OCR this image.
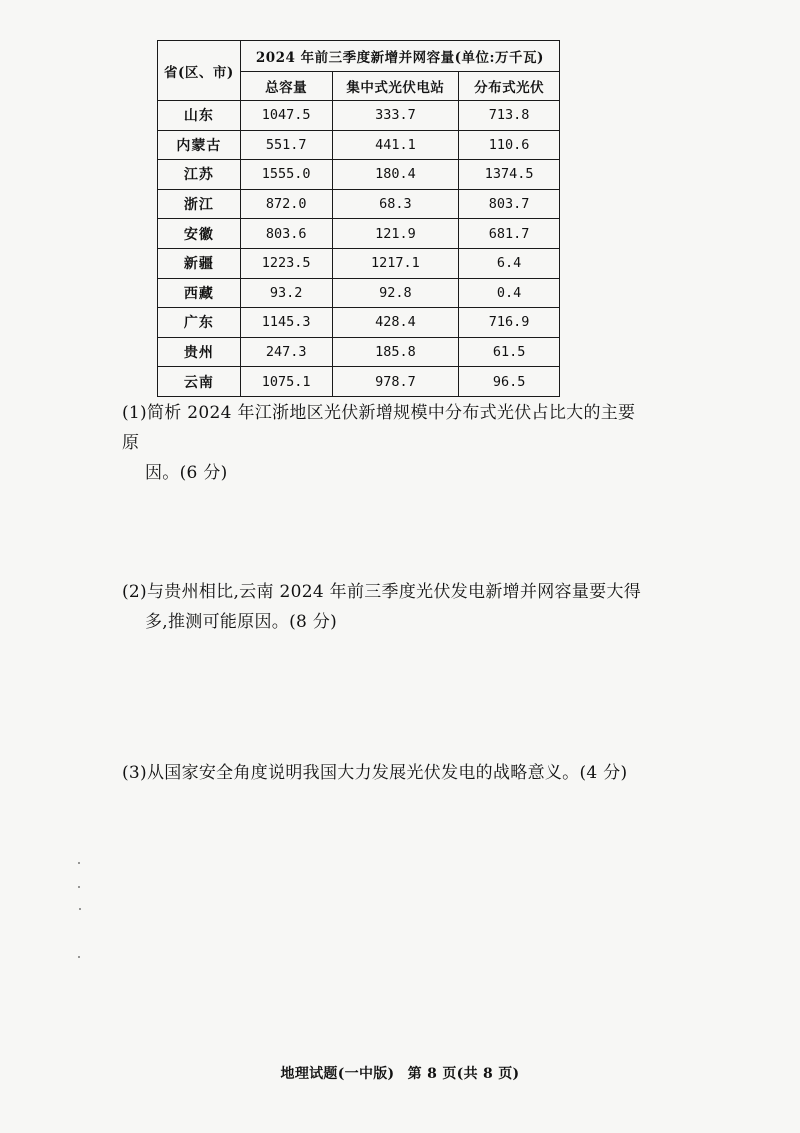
省(区、市)	2024 年前三季度新增并网容量(单位:万千瓦)		
	总容量	集中式光伏电站	分布式光伏
山东	1047.5	333.7	713.8
内蒙古	551.7	441.1	110.6
江苏	1555.0	180.4	1374.5
浙江	872.0	68.3	803.7
安徽	803.6	121.9	681.7
新疆	1223.5	1217.1	6.4
西藏	93.2	92.8	0.4
广东	1145.3	428.4	716.9
贵州	247.3	185.8	61.5
云南	1075.1	978.7	96.5
(1)简析 2024 年江浙地区光伏新增规模中分布式光伏占比大的主要原
因。(6 分)
(2)与贵州相比,云南 2024 年前三季度光伏发电新增并网容量要大得
多,推测可能原因。(8 分)
(3)从国家安全角度说明我国大力发展光伏发电的战略意义。(4 分)
地理试题(一中版) 第 8 页(共 8 页)
